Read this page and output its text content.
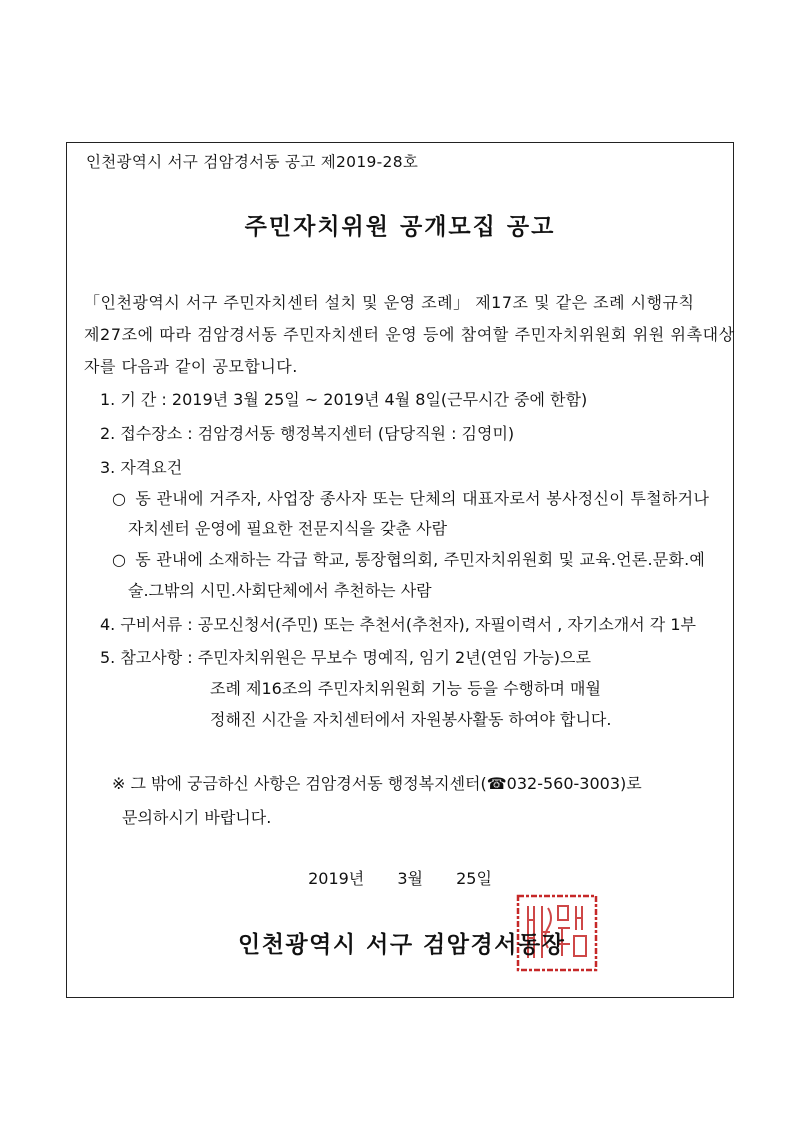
인천광역시 서구 검암경서동 공고 제2019-28호
주민자치위원 공개모집 공고
「인천광역시 서구 주민자치센터 설치 및 운영 조례」 제17조 및 같은 조례 시행규칙
제27조에 따라 검암경서동 주민자치센터 운영 등에 참여할 주민자치위원회 위원 위촉대상
자를 다음과 같이 공모합니다.
1. 기 간 : 2019년 3월 25일 ~ 2019년 4월 8일(근무시간 중에 한함)
2. 접수장소 : 검암경서동 행정복지센터 (담당직원 : 김영미)
3. 자격요건
○ 동 관내에 거주자, 사업장 종사자 또는 단체의 대표자로서 봉사정신이 투철하거나
자치센터 운영에 필요한 전문지식을 갖춘 사람
○ 동 관내에 소재하는 각급 학교, 통장협의회, 주민자치위원회 및 교육.언론.문화.예
술.그밖의 시민.사회단체에서 추천하는 사람
4. 구비서류 : 공모신청서(주민) 또는 추천서(추천자), 자필이력서 , 자기소개서 각 1부
5. 참고사항 : 주민자치위원은 무보수 명예직, 임기 2년(연임 가능)으로
조례 제16조의 주민자치위원회 기능 등을 수행하며 매월
정해진 시간을 자치센터에서 자원봉사활동 하여야 합니다.
※ 그 밖에 궁금하신 사항은 검암경서동 행정복지센터(☎032-560-3003)로
문의하시기 바랍니다.
2019년 3월 25일
인천광역시 서구 검암경서동장
